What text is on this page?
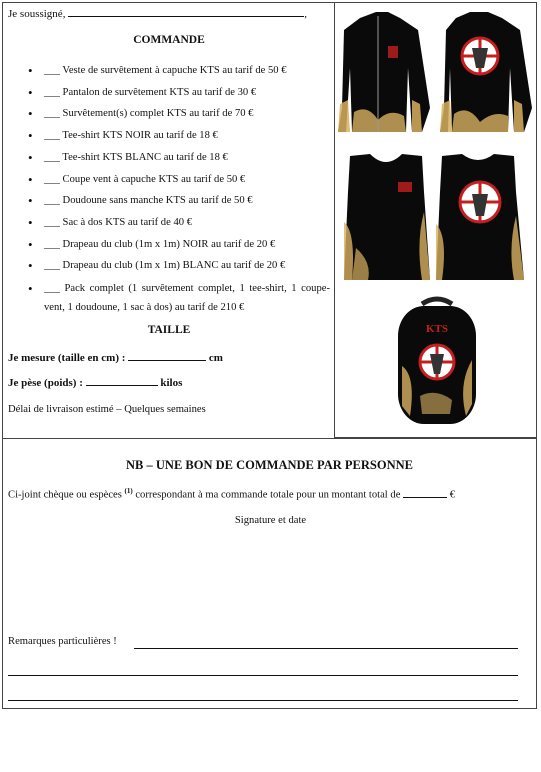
Je soussigné,	,
COMMANDE
• ___ Veste de survêtement à capuche KTS au tarif de 50 €
• ___ Pantalon de survêtement KTS au tarif de 30 €
• ___ Survêtement(s) complet KTS au tarif de 70 €
• ___ Tee-shirt KTS NOIR au tarif de 18 €
• ___ Tee-shirt KTS BLANC au tarif de 18 €
• ___ Coupe vent à capuche KTS au tarif de 50 €
• ___ Doudoune sans manche KTS au tarif de 50 €
• ___ Sac à dos KTS au tarif de 40 €
• ___ Drapeau du club (1m x 1m) NOIR au tarif de 20 €
• ___ Drapeau du club (1m x 1m) BLANC au tarif de 20 €
• ___ Pack complet (1 survêtement complet, 1 tee-shirt, 1 coupe-vent, 1 doudoune, 1 sac à dos) au tarif de 210 €
TAILLE
Je mesure (taille en cm) :	cm
Je pèse (poids) :	kilos
Délai de livraison estimé – Quelques semaines
KTS
NB – UNE BON DE COMMANDE PAR PERSONNE
Ci-joint chèque ou espèces $^{(1)}$ correspondant à ma commande totale pour un montant total de	€
Signature et date
Remarques particulières !
